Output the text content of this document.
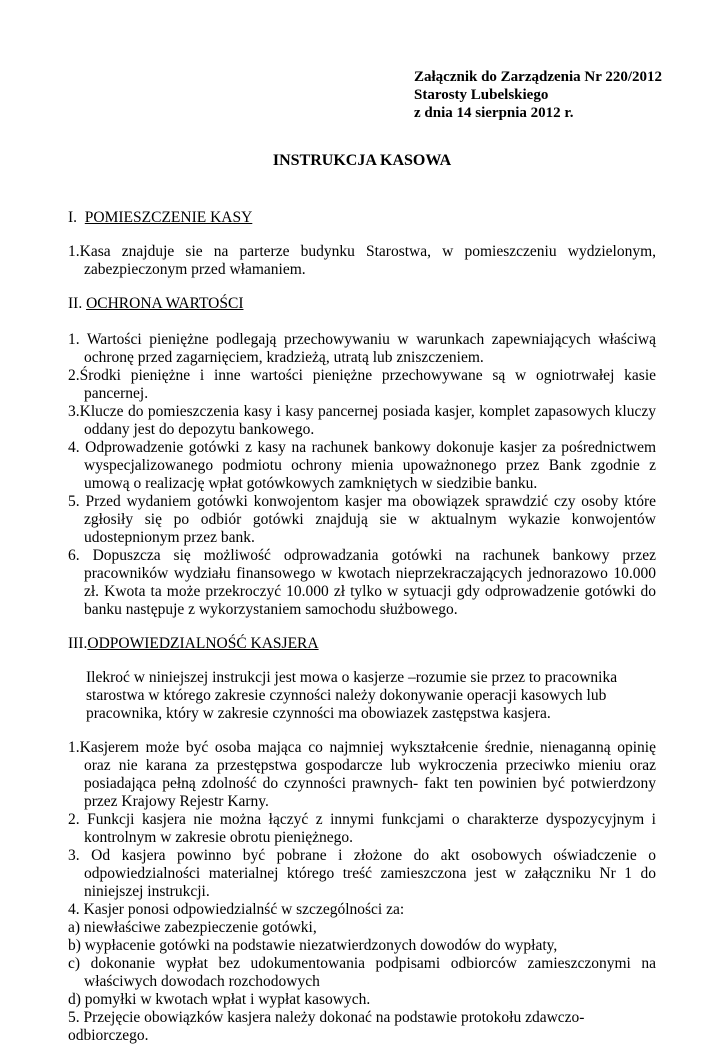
Załącznik do Zarządzenia Nr 220/2012
Starosty Lubelskiego
z dnia 14 sierpnia 2012 r.
INSTRUKCJA KASOWA
I. POMIESZCZENIE KASY

1.Kasa znajduje sie na parterze budynku Starostwa, w pomieszczeniu wydzielonym, zabezpieczonym przed włamaniem.

II. OCHRONA WARTOŚCI

1. Wartości pieniężne podlegają przechowywaniu w warunkach zapewniających właściwą ochronę przed zagarnięciem, kradzieżą, utratą lub zniszczeniem.

2.Środki pieniężne i inne wartości pieniężne przechowywane są w ogniotrwałej kasie pancernej.

3.Klucze do pomieszczenia kasy i kasy pancernej posiada kasjer, komplet zapasowych kluczy oddany jest do depozytu bankowego.

4. Odprowadzenie gotówki z kasy na rachunek bankowy dokonuje kasjer za pośrednictwem wyspecjalizowanego podmiotu ochrony mienia upoważnonego przez Bank zgodnie z umową o realizację wpłat gotówkowych zamkniętych w siedzibie banku.

5. Przed wydaniem gotówki konwojentom kasjer ma obowiązek sprawdzić czy osoby które zgłosiły się po odbiór gotówki znajdują sie w aktualnym wykazie konwojentów udostepnionym przez bank.

6. Dopuszcza się możliwość odprowadzania gotówki na rachunek bankowy przez pracowników wydziału finansowego w kwotach nieprzekraczających jednorazowo 10.000 zł. Kwota ta może przekroczyć 10.000 zł tylko w sytuacji gdy odprowadzenie gotówki do banku następuje z wykorzystaniem samochodu służbowego.

III.ODPOWIEDZIALNOŚĆ KASJERA

Ilekroć w niniejszej instrukcji jest mowa o kasjerze –rozumie sie przez to pracownika starostwa w którego zakresie czynności należy dokonywanie operacji kasowych lub pracownika, który w zakresie czynności ma obowiazek zastępstwa kasjera.

1.Kasjerem może być osoba mająca co najmniej wykształcenie średnie, nienaganną opinię oraz nie karana za przestępstwa gospodarcze lub wykroczenia przeciwko mieniu oraz posiadająca pełną zdolność do czynności prawnych- fakt ten powinien być potwierdzony przez Krajowy Rejestr Karny.

2. Funkcji kasjera nie można łączyć z innymi funkcjami o charakterze dyspozycyjnym i kontrolnym w zakresie obrotu pieniężnego.

3. Od kasjera powinno być pobrane i złożone do akt osobowych oświadczenie o odpowiedzialności materialnej którego treść zamieszczona jest w załączniku Nr 1 do niniejszej instrukcji.

4. Kasjer ponosi odpowiedzialnść w szczególności za:

a) niewłaściwe zabezpieczenie gotówki,

b) wypłacenie gotówki na podstawie niezatwierdzonych dowodów do wypłaty,

c) dokonanie wypłat bez udokumentowania podpisami odbiorców zamieszczonymi na właściwych dowodach rozchodowych

d) pomyłki w kwotach wpłat i wypłat kasowych.

5. Przejęcie obowiązków kasjera należy dokonać na podstawie protokołu zdawczo-odbiorczego.
